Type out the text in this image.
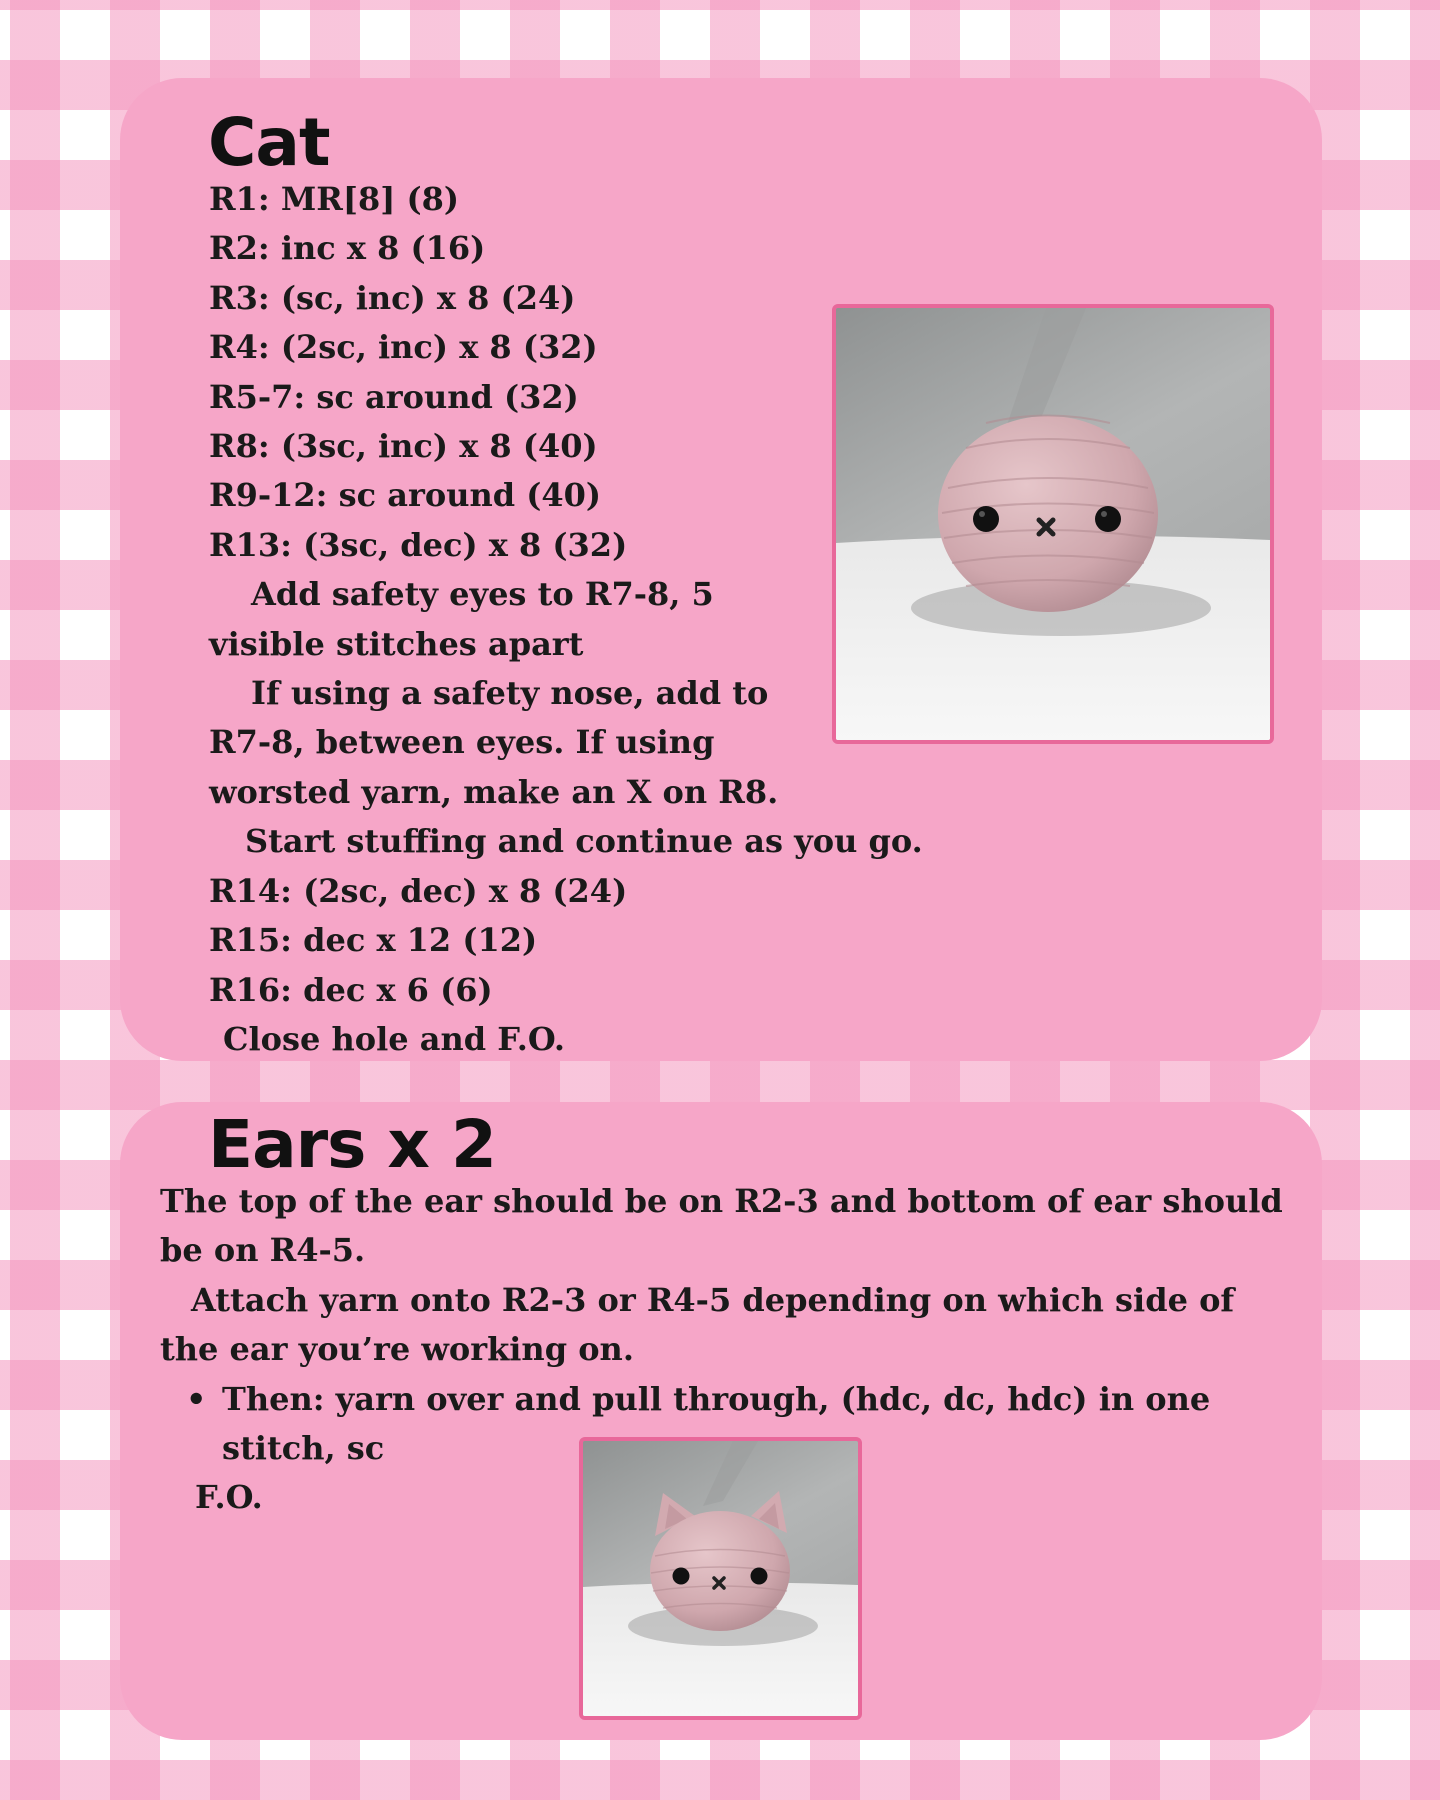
Cat

R1: MR[8] (8)

R2: inc x 8 (16)

R3: (sc, inc) x 8 (24)

R4: (2sc, inc) x 8 (32)

R5-7: sc around (32)

R8: (3sc, inc) x 8 (40)

R9-12: sc around (40)

R13: (3sc, dec) x 8 (32)

Add safety eyes to R7-8, 5 visible stitches apart

If using a safety nose, add to R7-8, between eyes. If using worsted yarn, make an X on R8.

Start stuffing and continue as you go.

R14: (2sc, dec) x 8 (24)

R15: dec x 12 (12)

R16: dec x 6 (6)

Close hole and F.O.

Ears x 2

The top of the ear should be on R2-3 and bottom of ear should be on R4-5.

Attach yarn onto R2-3 or R4-5 depending on which side of the ear you’re working on.

• Then: yarn over and pull through, (hdc, dc, hdc) in one stitch, sc
F.O.
